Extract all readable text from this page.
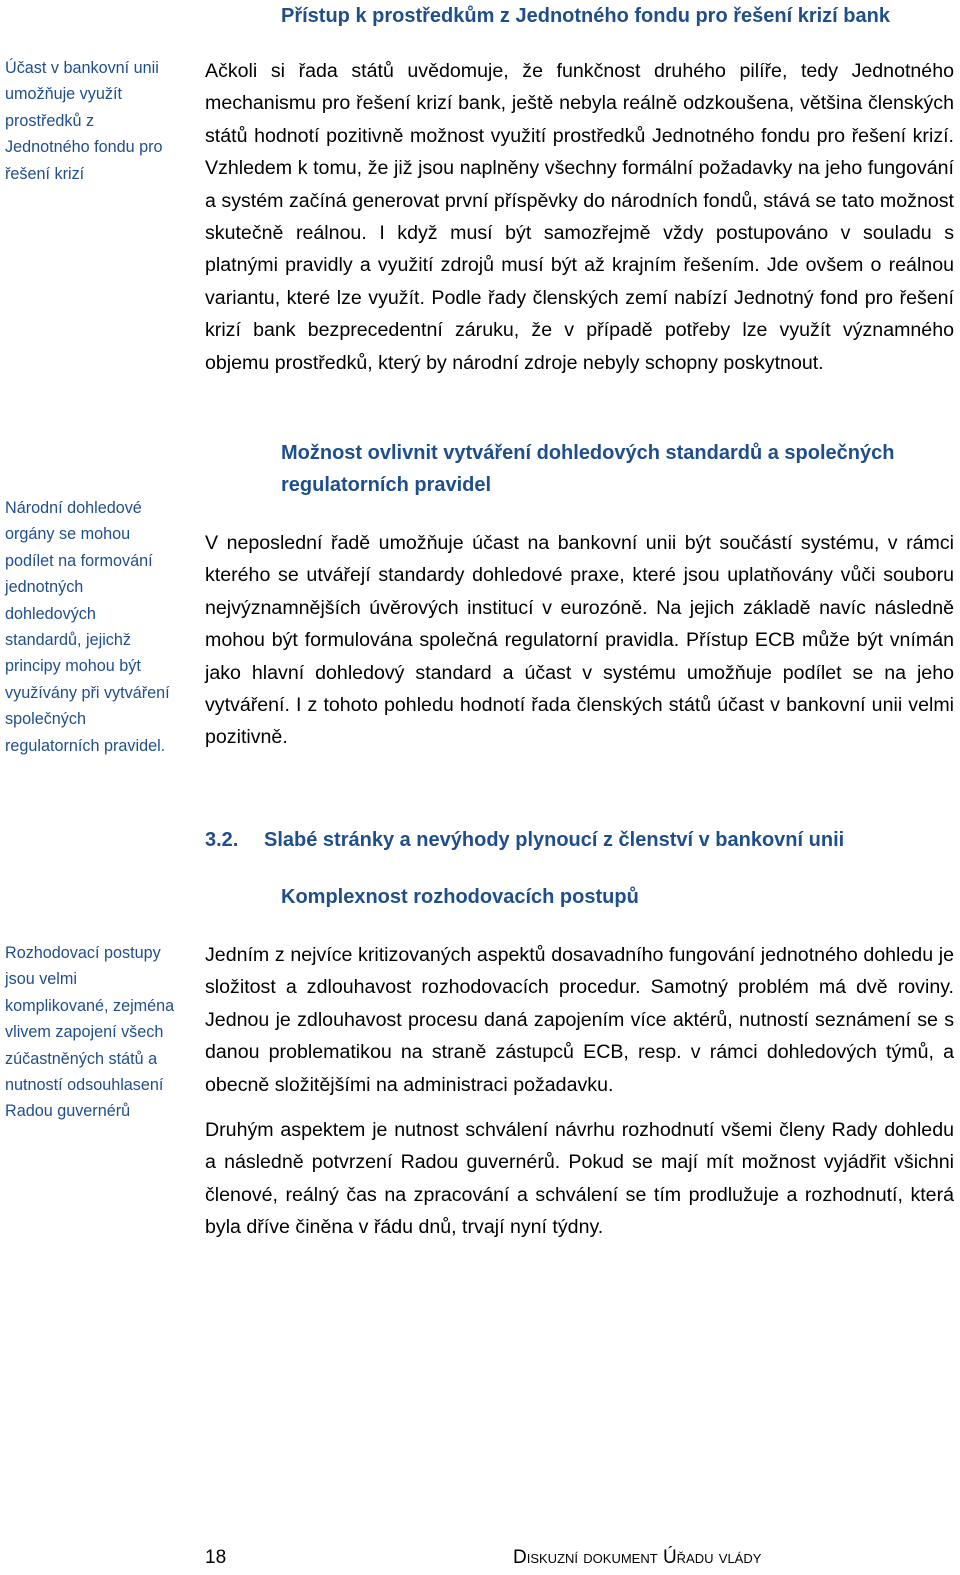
Přístup k prostředkům z Jednotného fondu pro řešení krizí bank
Účast v bankovní unii umožňuje využít prostředků z Jednotného fondu pro řešení krizí

Ačkoli si řada států uvědomuje, že funkčnost druhého pilíře, tedy Jednotného mechanismu pro řešení krizí bank, ještě nebyla reálně odzkoušena, většina členských států hodnotí pozitivně možnost využití prostředků Jednotného fondu pro řešení krizí. Vzhledem k tomu, že již jsou naplněny všechny formální požadavky na jeho fungování a systém začíná generovat první příspěvky do národních fondů, stává se tato možnost skutečně reálnou. I když musí být samozřejmě vždy postupováno v souladu s platnými pravidly a využití zdrojů musí být až krajním řešením. Jde ovšem o reálnou variantu, které lze využít. Podle řady členských zemí nabízí Jednotný fond pro řešení krizí bank bezprecedentní záruku, že v případě potřeby lze využít významného objemu prostředků, který by národní zdroje nebyly schopny poskytnout.

Možnost ovlivnit vytváření dohledových standardů a společných
regulatorních pravidel
Národní dohledové orgány se mohou podílet na formování jednotných dohledových standardů, jejichž principy mohou být využívány při vytváření společných regulatorních pravidel.

V neposlední řadě umožňuje účast na bankovní unii být součástí systému, v rámci kterého se utvářejí standardy dohledové praxe, které jsou uplatňovány vůči souboru nejvýznamnějších úvěrových institucí v eurozóně. Na jejich základě navíc následně mohou být formulována společná regulatorní pravidla. Přístup ECB může být vnímán jako hlavní dohledový standard a účast v systému umožňuje podílet se na jeho vytváření. I z tohoto pohledu hodnotí řada členských států účast v bankovní unii velmi pozitivně.

3.2. Slabé stránky a nevýhody plynoucí z členství v bankovní unii
Komplexnost rozhodovacích postupů
Rozhodovací postupy jsou velmi komplikované, zejména vlivem zapojení všech zúčastněných států a nutností odsouhlasení Radou guvernérů

Jedním z nejvíce kritizovaných aspektů dosavadního fungování jednotného dohledu je složitost a zdlouhavost rozhodovacích procedur. Samotný problém má dvě roviny. Jednou je zdlouhavost procesu daná zapojením více aktérů, nutností seznámení se s danou problematikou na straně zástupců ECB, resp. v rámci dohledových týmů, a obecně složitějšími na administraci požadavku.

Druhým aspektem je nutnost schválení návrhu rozhodnutí všemi členy Rady dohledu a následně potvrzení Radou guvernérů. Pokud se mají mít možnost vyjádřit všichni členové, reálný čas na zpracování a schválení se tím prodlužuje a rozhodnutí, která byla dříve činěna v řádu dnů, trvají nyní týdny.

18	Diskuzní dokument Úřadu vlády
